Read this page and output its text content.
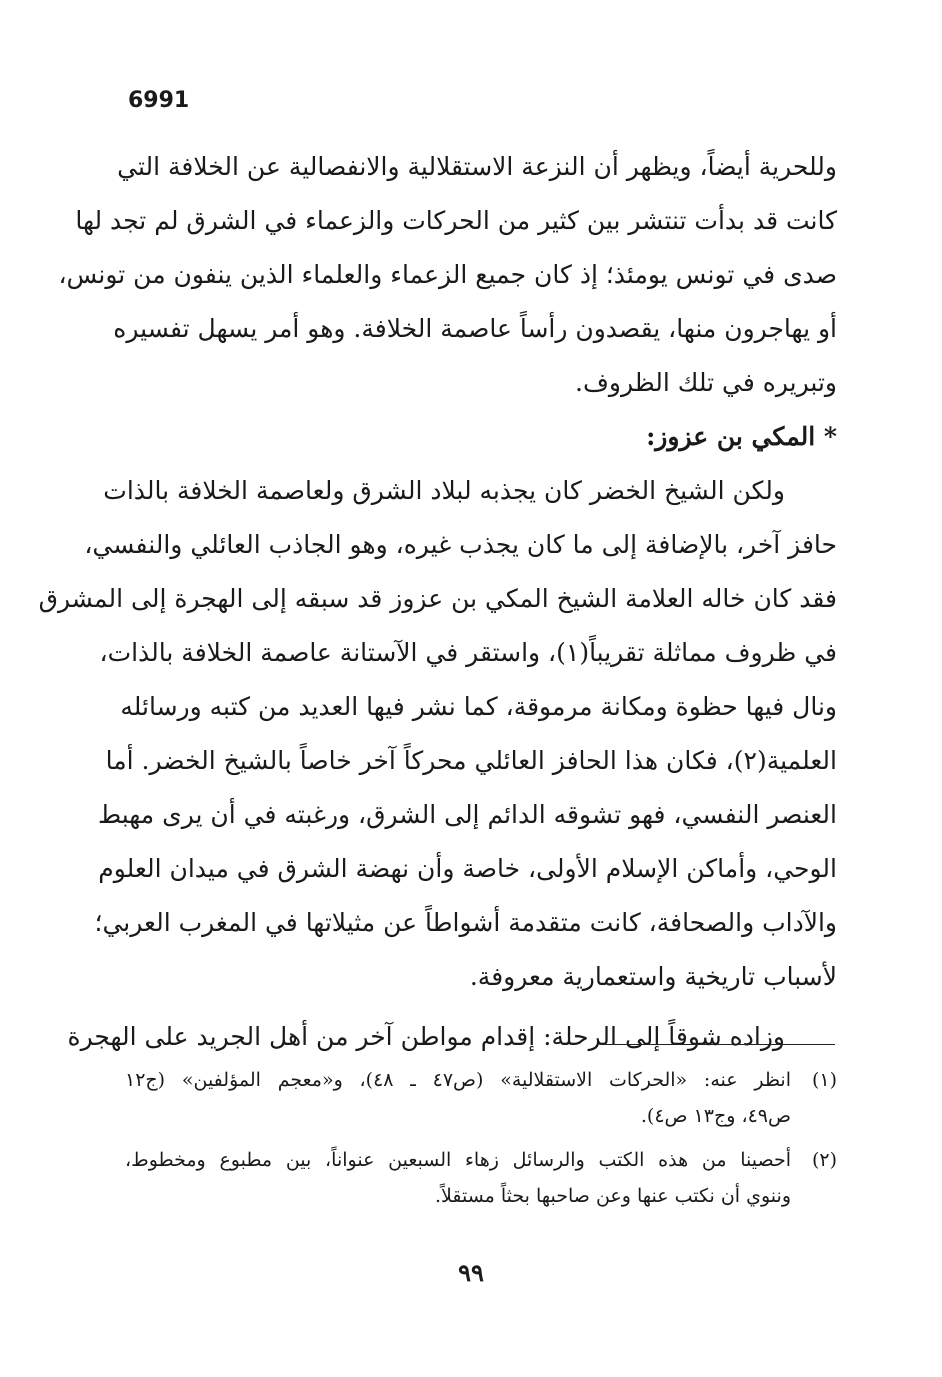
6991
وللحرية أيضاً، ويظهر أن النزعة الاستقلالية والانفصالية عن الخلافة التي
كانت قد بدأت تنتشر بين كثير من الحركات والزعماء في الشرق لم تجد لها
صدى في تونس يومئذ؛ إذ كان جميع الزعماء والعلماء الذين ينفون من تونس،
أو يهاجرون منها، يقصدون رأساً عاصمة الخلافة. وهو أمر يسهل تفسيره
وتبريره في تلك الظروف.
* المكي بن عزوز:
ولكن الشيخ الخضر كان يجذبه لبلاد الشرق ولعاصمة الخلافة بالذات
حافز آخر، بالإضافة إلى ما كان يجذب غيره، وهو الجاذب العائلي والنفسي،
فقد كان خاله العلامة الشيخ المكي بن عزوز قد سبقه إلى الهجرة إلى المشرق
في ظروف مماثلة تقريباً(١)، واستقر في الآستانة عاصمة الخلافة بالذات،
ونال فيها حظوة ومكانة مرموقة، كما نشر فيها العديد من كتبه ورسائله
العلمية(٢)، فكان هذا الحافز العائلي محركاً آخر خاصاً بالشيخ الخضر. أما
العنصر النفسي، فهو تشوقه الدائم إلى الشرق، ورغبته في أن يرى مهبط
الوحي، وأماكن الإسلام الأولى، خاصة وأن نهضة الشرق في ميدان العلوم
والآداب والصحافة، كانت متقدمة أشواطاً عن مثيلاتها في المغرب العربي؛
لأسباب تاريخية واستعمارية معروفة.
وزاده شوقاً إلى الرحلة: إقدام مواطن آخر من أهل الجريد على الهجرة
(١)انظر عنه: «الحركات الاستقلالية» (ص٤٧ ـ ٤٨)، و«معجم المؤلفين» (ج١٢
ص٤٩، وج١٣ ص٤).
(٢)أحصينا من هذه الكتب والرسائل زهاء السبعين عنواناً، بين مطبوع ومخطوط،
وننوي أن نكتب عنها وعن صاحبها بحثاً مستقلاً.
٩٩
